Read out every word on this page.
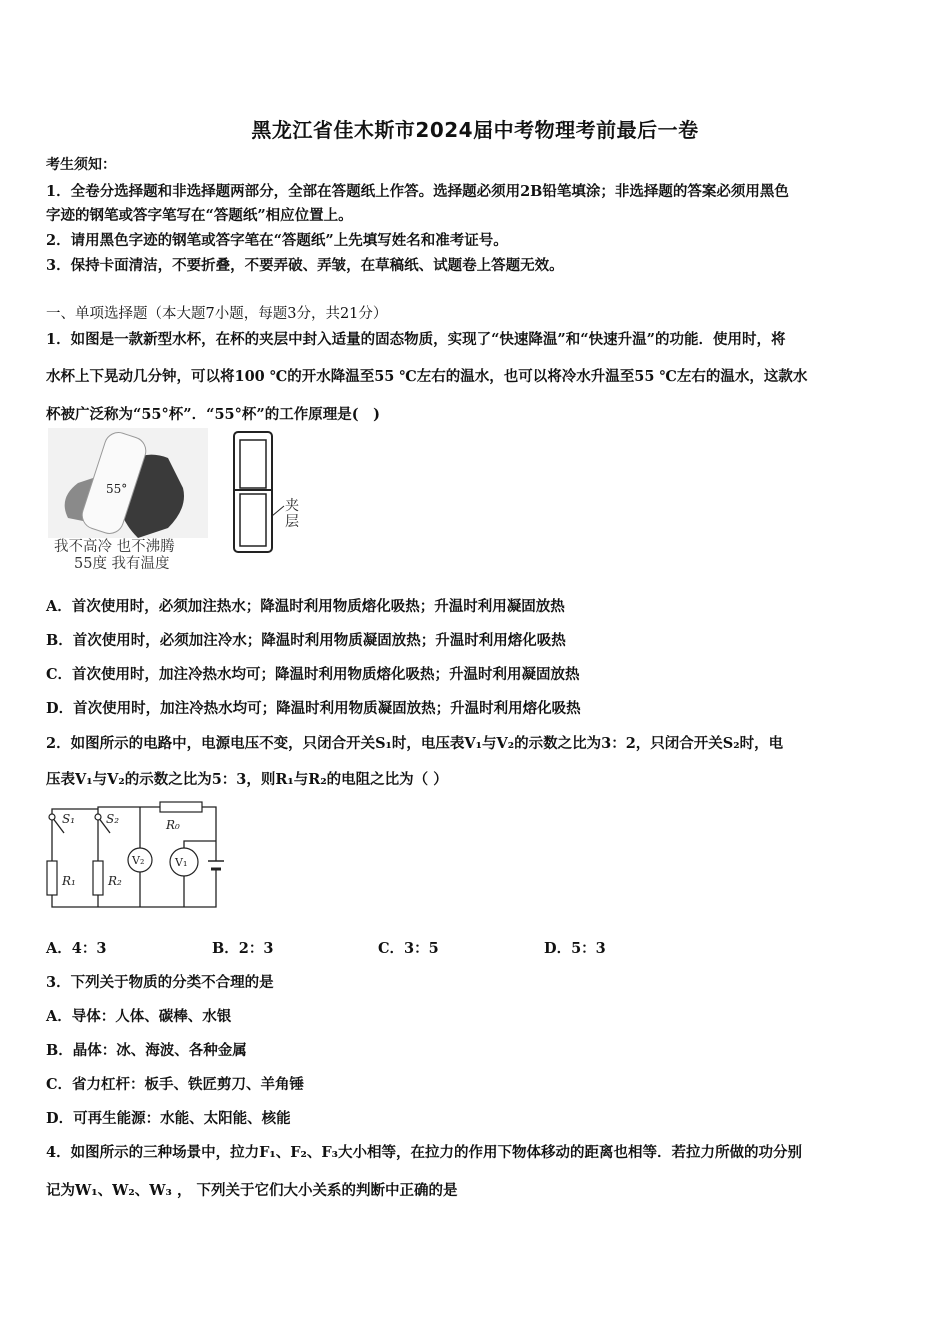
黑龙江省佳木斯市2024届中考物理考前最后一卷
考生须知：
1．全卷分选择题和非选择题两部分，全部在答题纸上作答。选择题必须用2B铅笔填涂；非选择题的答案必须用黑色
字迹的钢笔或答字笔写在“答题纸”相应位置上。
2．请用黑色字迹的钢笔或答字笔在“答题纸”上先填写姓名和准考证号。
3．保持卡面清洁，不要折叠，不要弄破、弄皱，在草稿纸、试题卷上答题无效。
一、单项选择题（本大题7小题，每题3分，共21分）
1．如图是一款新型水杯，在杯的夹层中封入适量的固态物质，实现了“快速降温”和“快速升温”的功能．使用时，将
水杯上下晃动几分钟，可以将100 ℃的开水降温至55 ℃左右的温水，也可以将冷水升温至55 ℃左右的温水，这款水
杯被广泛称为“55°杯”．“55°杯”的工作原理是(　)
55°
我不高冷 也不沸腾
55度 我有温度
夹
层
A．首次使用时，必须加注热水；降温时利用物质熔化吸热；升温时利用凝固放热
B．首次使用时，必须加注冷水；降温时利用物质凝固放热；升温时利用熔化吸热
C．首次使用时，加注冷热水均可；降温时利用物质熔化吸热；升温时利用凝固放热
D．首次使用时，加注冷热水均可；降温时利用物质凝固放热；升温时利用熔化吸热
2．如图所示的电路中，电源电压不变，只闭合开关S₁时，电压表V₁与V₂的示数之比为3：2，只闭合开关S₂时，电
压表V₁与V₂的示数之比为5：3，则R₁与R₂的电阻之比为（ ）
S₁	S₂	R₀
R₁	R₂
V₂	V₁
A．4：3	B．2：3	C．3：5	D．5：3
3．下列关于物质的分类不合理的是
A．导体：人体、碳棒、水银
B．晶体：冰、海波、各种金属
C．省力杠杆：板手、铁匠剪刀、羊角锤
D．可再生能源：水能、太阳能、核能
4．如图所示的三种场景中，拉力F₁、F₂、F₃大小相等，在拉力的作用下物体移动的距离也相等．若拉力所做的功分别
记为W₁、W₂、W₃ ， 下列关于它们大小关系的判断中正确的是
